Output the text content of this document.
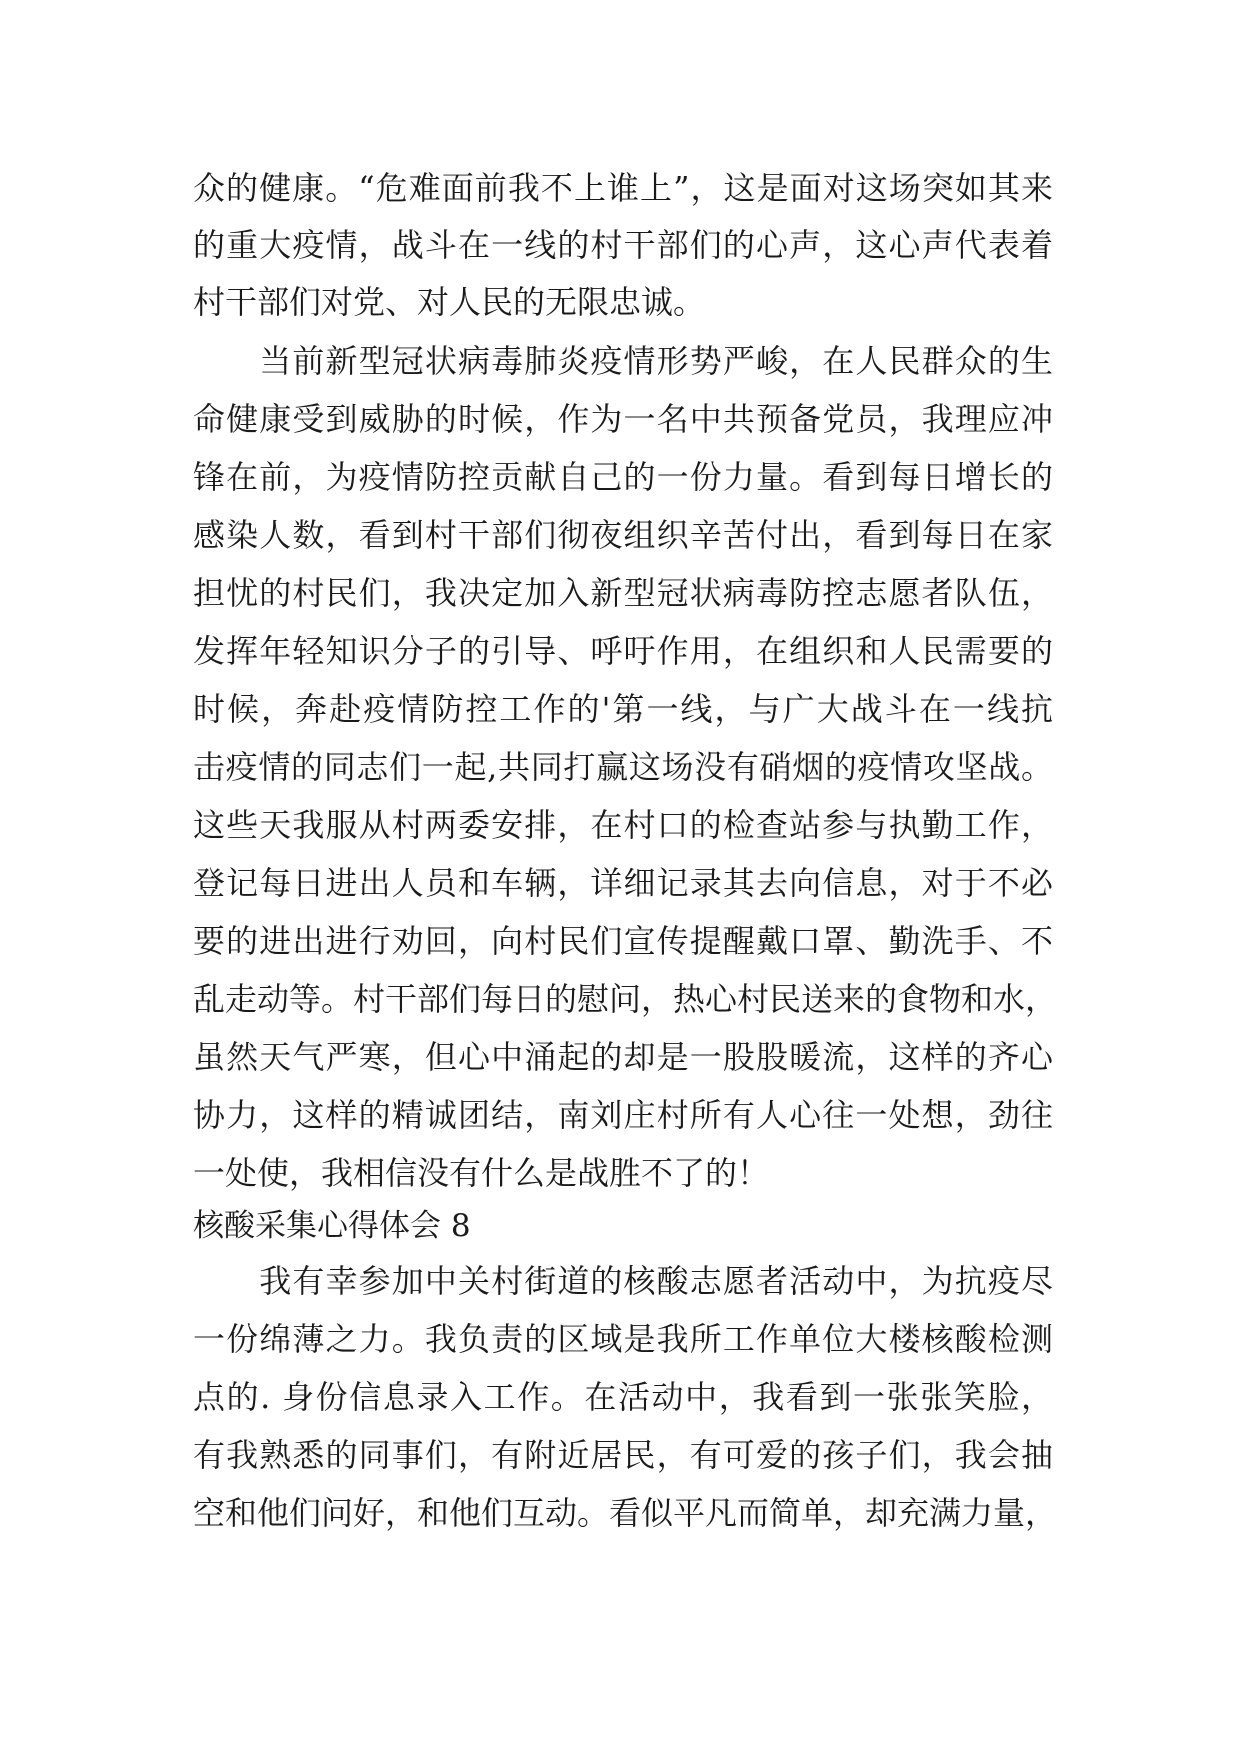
众的健康。“危难面前我不上谁上”，这是面对这场突如其来
的重大疫情，战斗在一线的村干部们的心声，这心声代表着
村干部们对党、对人民的无限忠诚。
　　当前新型冠状病毒肺炎疫情形势严峻，在人民群众的生
命健康受到威胁的时候，作为一名中共预备党员，我理应冲
锋在前，为疫情防控贡献自己的一份力量。看到每日增长的
感染人数，看到村干部们彻夜组织辛苦付出，看到每日在家
担忧的村民们，我决定加入新型冠状病毒防控志愿者队伍，
发挥年轻知识分子的引导、呼吁作用，在组织和人民需要的
时候，奔赴疫情防控工作的'第一线，与广大战斗在一线抗
击疫情的同志们一起,共同打赢这场没有硝烟的疫情攻坚战。
这些天我服从村两委安排，在村口的检查站参与执勤工作，
登记每日进出人员和车辆，详细记录其去向信息，对于不必
要的进出进行劝回，向村民们宣传提醒戴口罩、勤洗手、不
乱走动等。村干部们每日的慰问，热心村民送来的食物和水，
虽然天气严寒，但心中涌起的却是一股股暖流，这样的齐心
协力，这样的精诚团结，南刘庄村所有人心往一处想，劲往
一处使，我相信没有什么是战胜不了的！
核酸采集心得体会 8
　　我有幸参加中关村街道的核酸志愿者活动中，为抗疫尽
一份绵薄之力。我负责的区域是我所工作单位大楼核酸检测
点的. 身份信息录入工作。在活动中，我看到一张张笑脸，
有我熟悉的同事们，有附近居民，有可爱的孩子们，我会抽
空和他们问好，和他们互动。看似平凡而简单，却充满力量，
